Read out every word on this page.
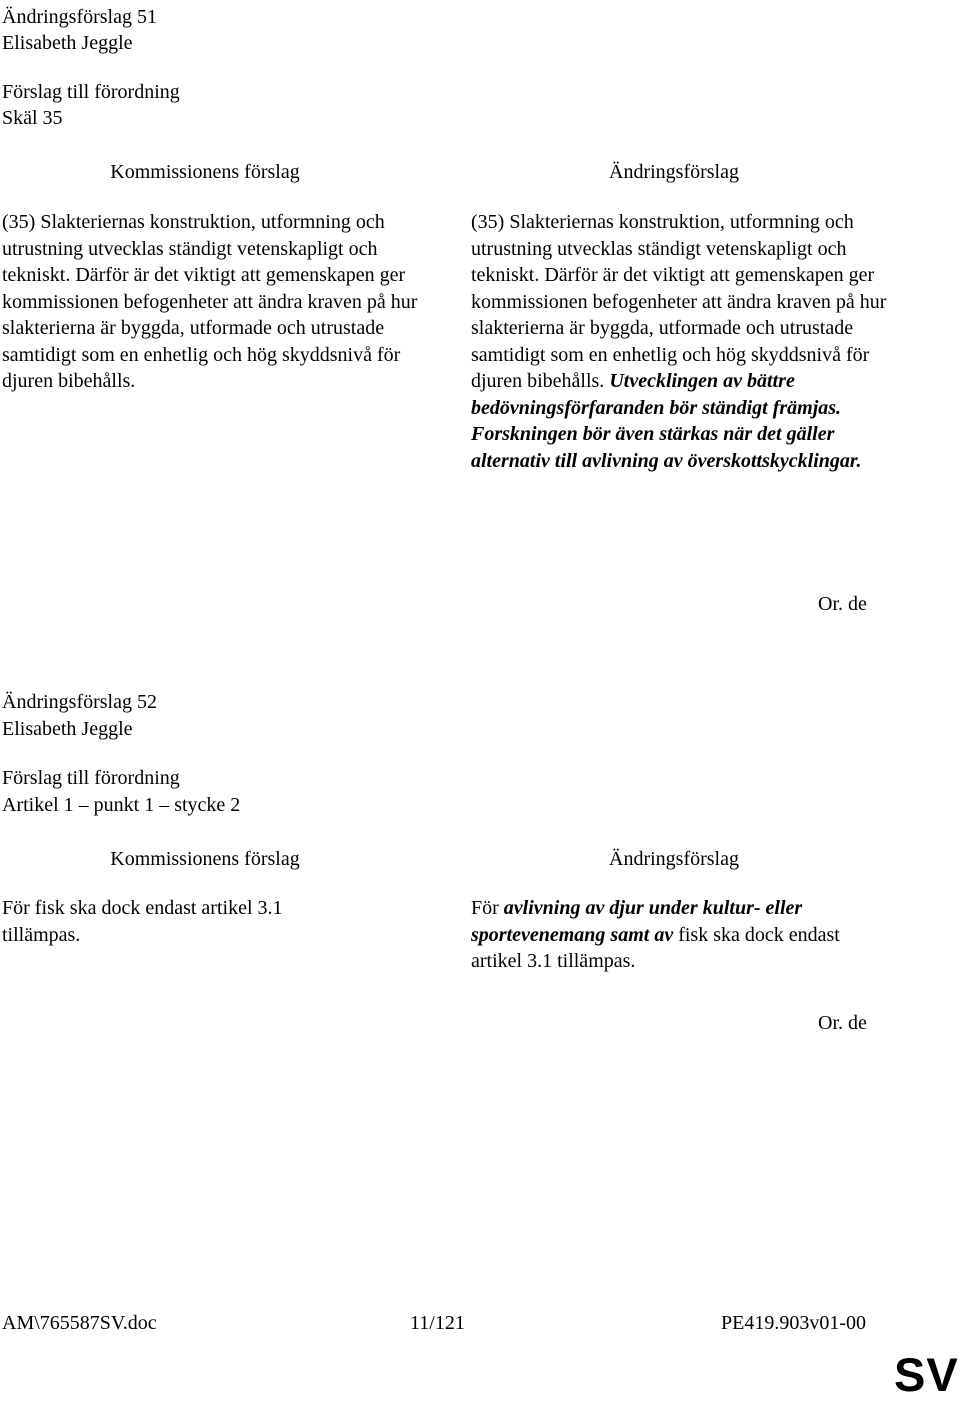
Ändringsförslag 51
Elisabeth Jeggle
Förslag till förordning
Skäl 35
Kommissionens förslag	Ändringsförslag
(35) Slakteriernas konstruktion, utformning och utrustning utvecklas ständigt vetenskapligt och tekniskt. Därför är det viktigt att gemenskapen ger kommissionen befogenheter att ändra kraven på hur slakterierna är byggda, utformade och utrustade samtidigt som en enhetlig och hög skyddsnivå för djuren bibehålls.
(35) Slakteriernas konstruktion, utformning och utrustning utvecklas ständigt vetenskapligt och tekniskt. Därför är det viktigt att gemenskapen ger kommissionen befogenheter att ändra kraven på hur slakterierna är byggda, utformade och utrustade samtidigt som en enhetlig och hög skyddsnivå för djuren bibehålls. Utvecklingen av bättre bedövningsförfaranden bör ständigt främjas. Forskningen bör även stärkas när det gäller alternativ till avlivning av överskottskycklingar.
Or. de
Ändringsförslag 52
Elisabeth Jeggle
Förslag till förordning
Artikel 1 – punkt 1 – stycke 2
Kommissionens förslag	Ändringsförslag
För fisk ska dock endast artikel 3.1 tillämpas.
För avlivning av djur under kultur- eller sportevenemang samt av fisk ska dock endast artikel 3.1 tillämpas.
Or. de
AM\765587SV.doc	11/121	PE419.903v01-00
SV
